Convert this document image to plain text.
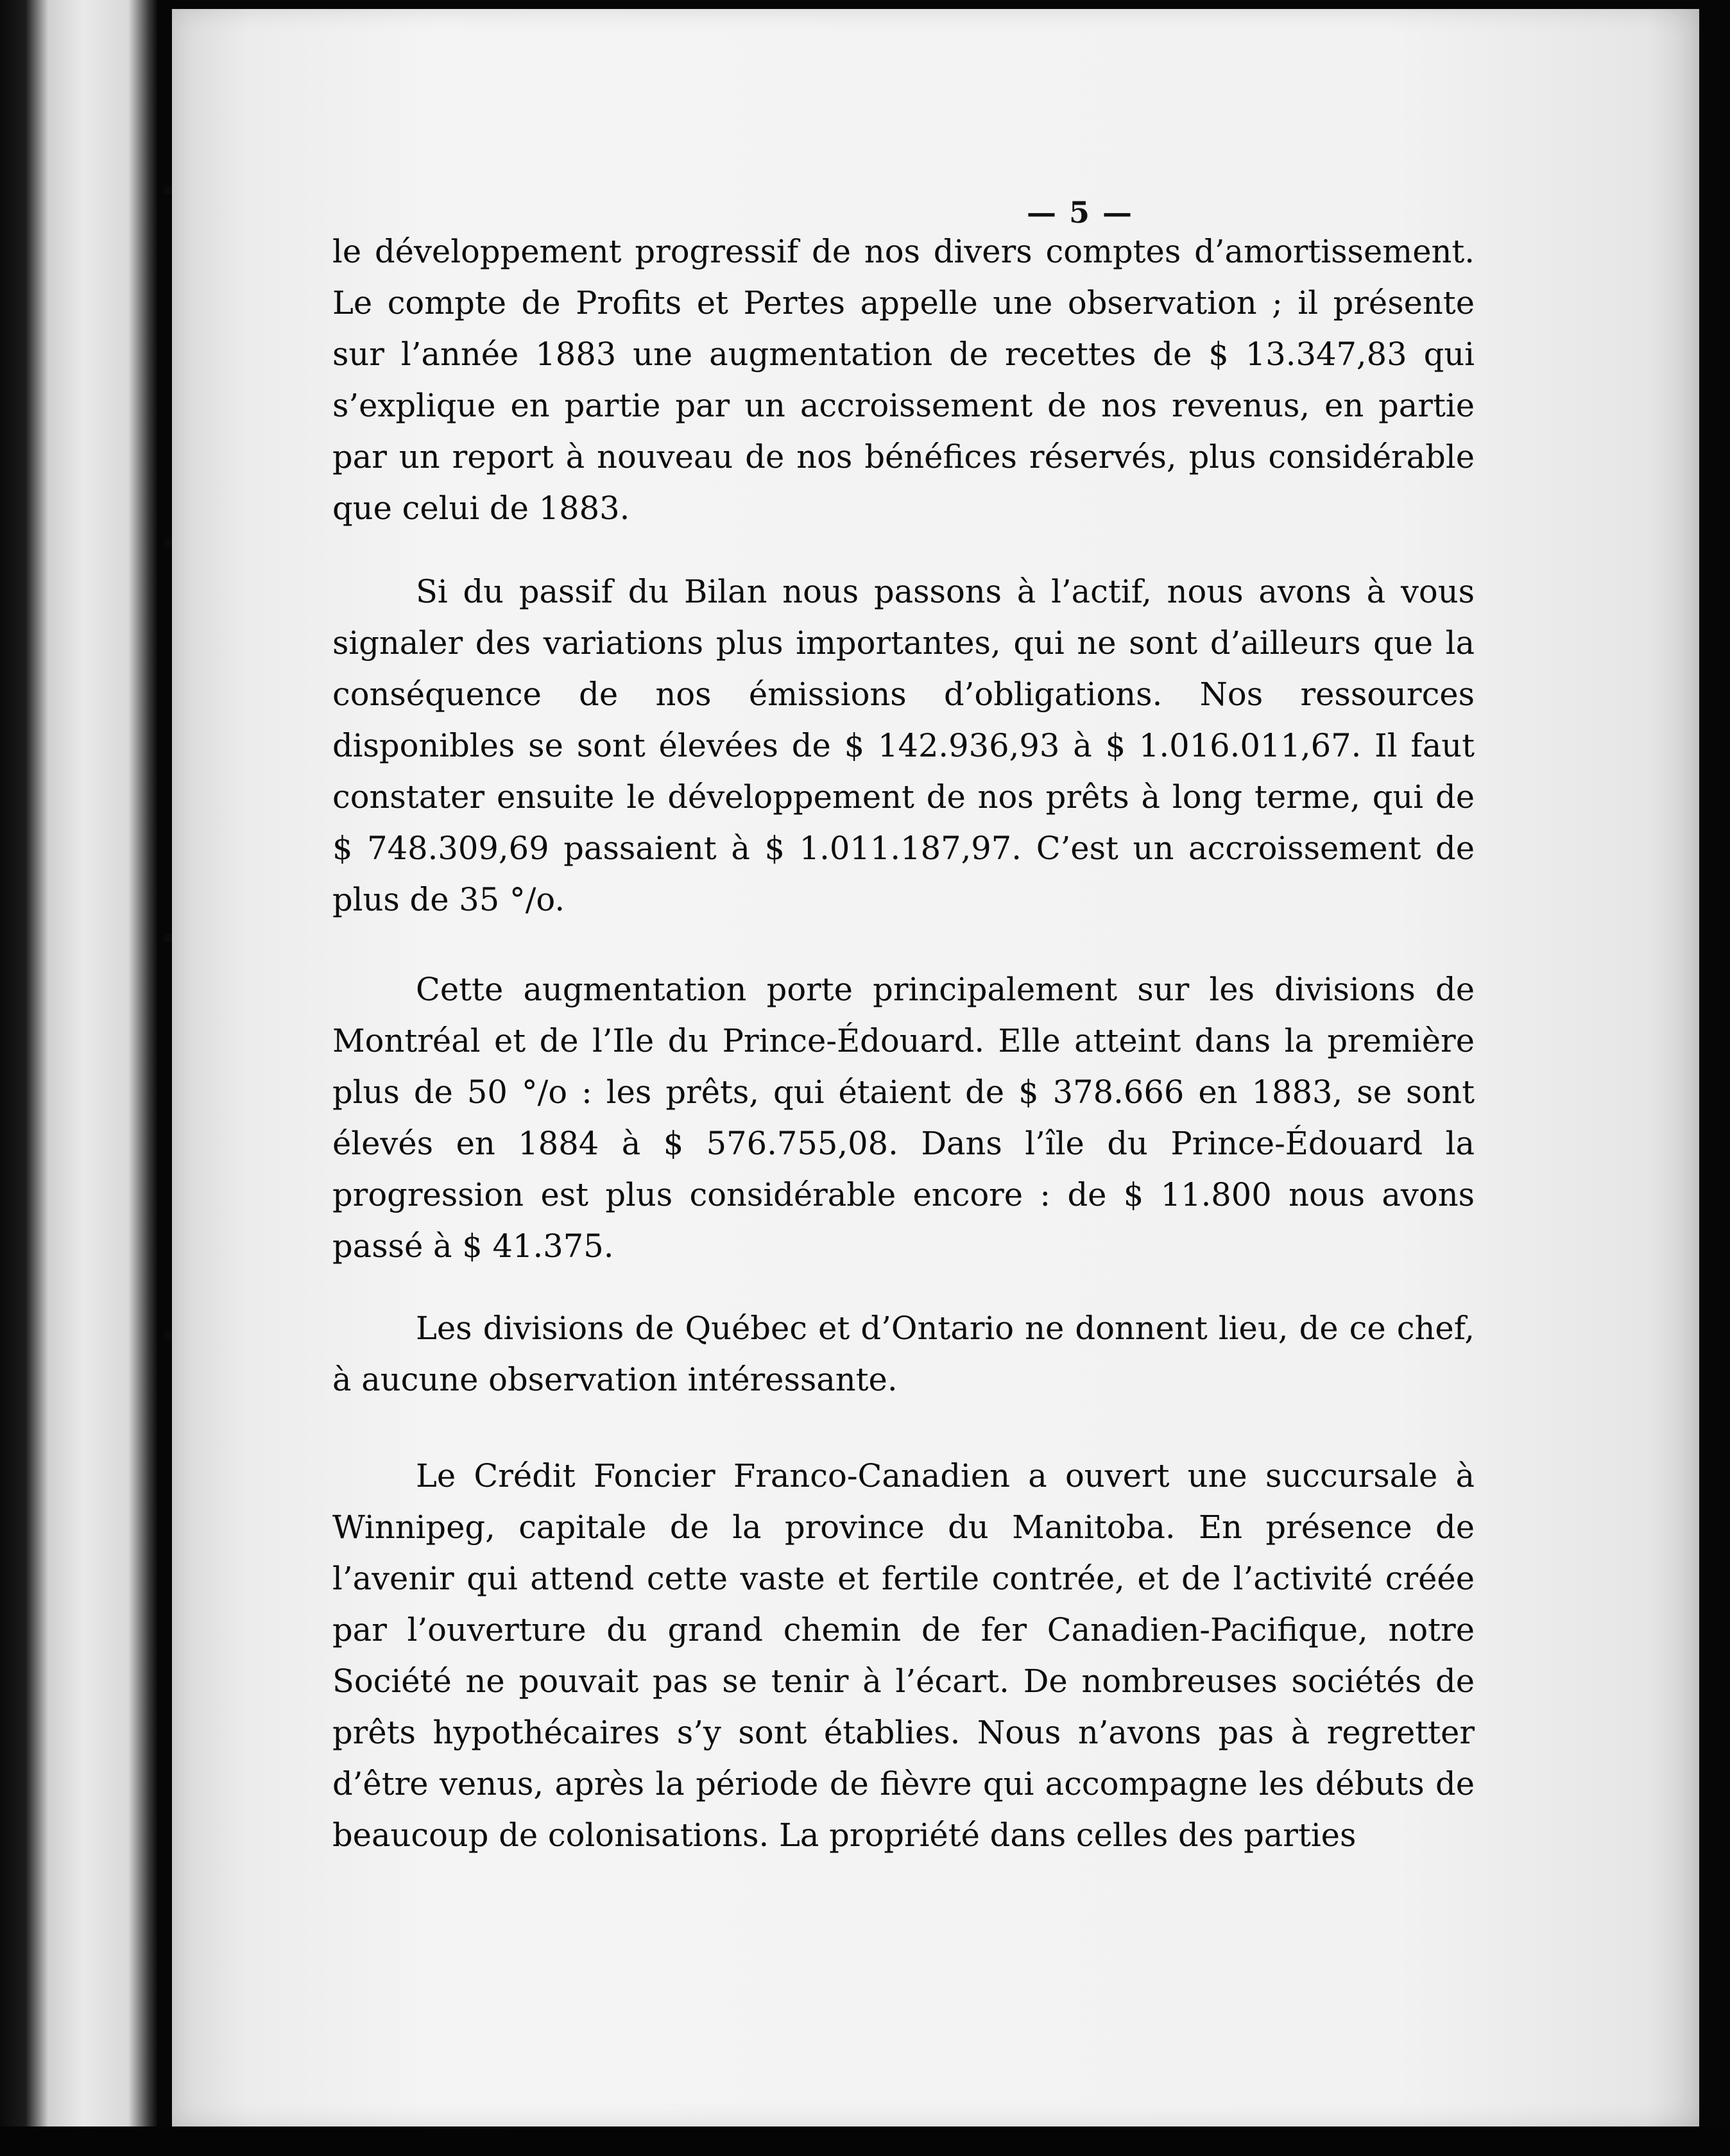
— 5 —

le développement progressif de nos divers comptes d’amortissement. Le compte de Profits et Pertes appelle une observation ; il présente sur l’année 1883 une augmentation de recettes de $ 13.347,83 qui s’explique en partie par un accroissement de nos revenus, en partie par un report à nouveau de nos bénéfices réservés, plus considérable que celui de 1883.

Si du passif du Bilan nous passons à l’actif, nous avons à vous signaler des variations plus importantes, qui ne sont d’ailleurs que la conséquence de nos émissions d’obligations. Nos ressources disponibles se sont élevées de $ 142.936,93 à $ 1.016.011,67. Il faut constater ensuite le développement de nos prêts à long terme, qui de $ 748.309,69 passaient à $ 1.011.187,97. C’est un accroissement de plus de 35 °/o.

Cette augmentation porte principalement sur les divisions de Montréal et de l’Ile du Prince-Édouard. Elle atteint dans la première plus de 50 °/o : les prêts, qui étaient de $ 378.666 en 1883, se sont élevés en 1884 à $ 576.755,08. Dans l’île du Prince-Édouard la progression est plus considérable encore : de $ 11.800 nous avons passé à $ 41.375.

Les divisions de Québec et d’Ontario ne donnent lieu, de ce chef, à aucune observation intéressante.

Le Crédit Foncier Franco-Canadien a ouvert une succursale à Winnipeg, capitale de la province du Manitoba. En présence de l’avenir qui attend cette vaste et fertile contrée, et de l’activité créée par l’ouverture du grand chemin de fer Canadien-Pacifique, notre Société ne pouvait pas se tenir à l’écart. De nombreuses sociétés de prêts hypothécaires s’y sont établies. Nous n’avons pas à regretter d’être venus, après la période de fièvre qui accompagne les débuts de beaucoup de colonisations. La propriété dans celles des parties
